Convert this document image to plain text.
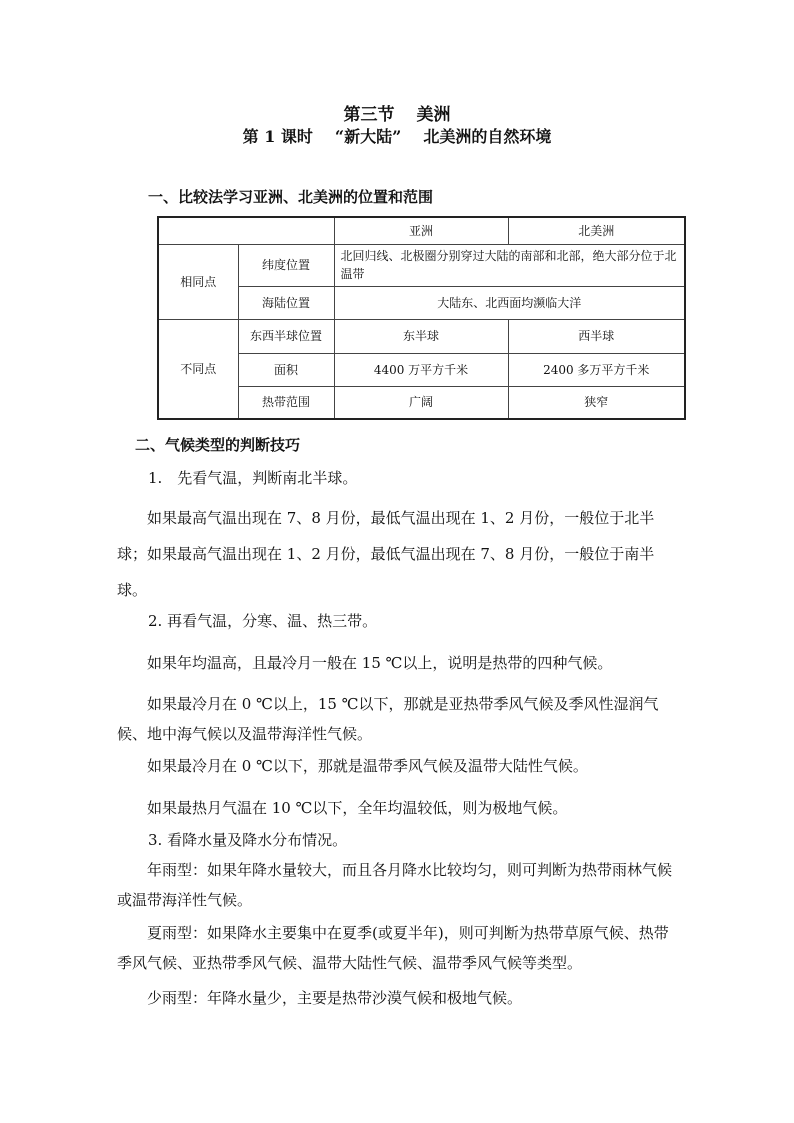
第三节 美洲
第 1 课时 “新大陆” 北美洲的自然环境
一、比较法学习亚洲、北美洲的位置和范围
		亚洲	北美洲
相同点	纬度位置	北回归线、北极圈分别穿过大陆的南部和北部，绝大部分位于北温带	
	海陆位置	大陆东、北西面均濒临大洋	
不同点	东西半球位置	东半球	西半球
	面积	4400 万平方千米	2400 多万平方千米
	热带范围	广阔	狭窄
二、气候类型的判断技巧
1.　先看气温，判断南北半球。
如果最高气温出现在 7、8 月份，最低气温出现在 1、2 月份，一般位于北半球；如果最高气温出现在 1、2 月份，最低气温出现在 7、8 月份，一般位于南半球。
2. 再看气温，分寒、温、热三带。
如果年均温高，且最冷月一般在 15 ℃以上，说明是热带的四种气候。
如果最冷月在 0 ℃以上，15 ℃以下，那就是亚热带季风气候及季风性湿润气候、地中海气候以及温带海洋性气候。
如果最冷月在 0 ℃以下，那就是温带季风气候及温带大陆性气候。
如果最热月气温在 10 ℃以下，全年均温较低，则为极地气候。
3. 看降水量及降水分布情况。
年雨型：如果年降水量较大，而且各月降水比较均匀，则可判断为热带雨林气候或温带海洋性气候。
夏雨型：如果降水主要集中在夏季(或夏半年)，则可判断为热带草原气候、热带季风气候、亚热带季风气候、温带大陆性气候、温带季风气候等类型。
少雨型：年降水量少，主要是热带沙漠气候和极地气候。
